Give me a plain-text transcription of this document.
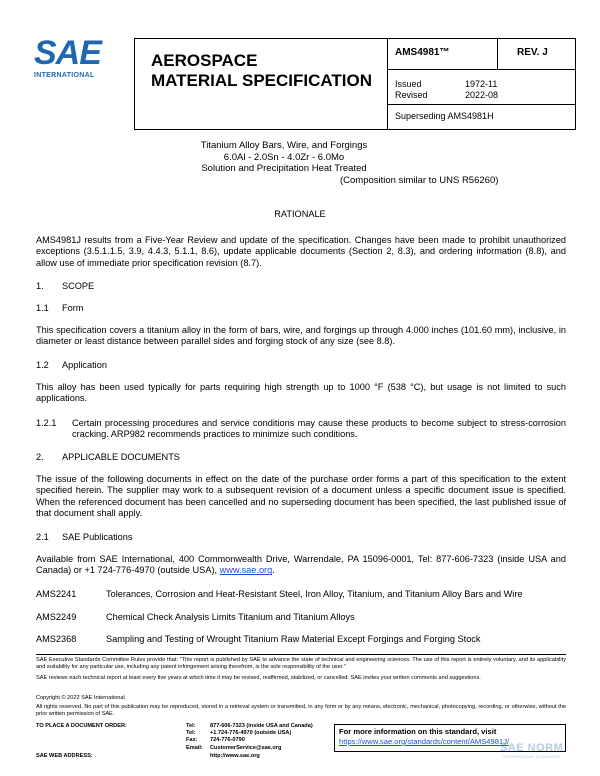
SAE
INTERNATIONAL
AEROSPACE
MATERIAL SPECIFICATION
AMS4981™	REV. J
Issued	1972-11
Revised	2022-08
Superseding AMS4981H
Titanium Alloy Bars, Wire, and Forgings
6.0Al - 2.0Sn - 4.0Zr - 6.0Mo
Solution and Precipitation Heat Treated
(Composition similar to UNS R56260)
RATIONALE
AMS4981J results from a Five-Year Review and update of the specification. Changes have been made to prohibit unauthorized exceptions (3.5.1.1.5, 3.9, 4.4.3, 5.1.1, 8.6), update applicable documents (Section 2, 8.3), and ordering information (8.8), and allow use of immediate prior specification revision (8.7).
1. SCOPE
1.1 Form
This specification covers a titanium alloy in the form of bars, wire, and forgings up through 4.000 inches (101.60 mm), inclusive, in diameter or least distance between parallel sides and forging stock of any size (see 8.8).
1.2 Application
This alloy has been used typically for parts requiring high strength up to 1000 °F (538 °C), but usage is not limited to such applications.
1.2.1 Certain processing procedures and service conditions may cause these products to become subject to stress-corrosion cracking. ARP982 recommends practices to minimize such conditions.
2. APPLICABLE DOCUMENTS
The issue of the following documents in effect on the date of the purchase order forms a part of this specification to the extent specified herein. The supplier may work to a subsequent revision of a document unless a specific document issue is specified. When the referenced document has been cancelled and no superseding document has been specified, the last published issue of that document shall apply.
2.1 SAE Publications
Available from SAE International, 400 Commonwealth Drive, Warrendale, PA 15096-0001, Tel: 877-606-7323 (inside USA and Canada) or +1 724-776-4970 (outside USA), www.sae.org.
AMS2241	Tolerances, Corrosion and Heat-Resistant Steel, Iron Alloy, Titanium, and Titanium Alloy Bars and Wire
AMS2249	Chemical Check Analysis Limits Titanium and Titanium Alloys
AMS2368	Sampling and Testing of Wrought Titanium Raw Material Except Forgings and Forging Stock
SAE Executive Standards Committee Rules provide that: "This report is published by SAE to advance the state of technical and engineering sciences. The use of this report is entirely voluntary, and its applicability and suitability for any particular use, including any patent infringement arising therefrom, is the sole responsibility of the user."
SAE reviews each technical report at least every five years at which time it may be revised, reaffirmed, stabilized, or cancelled. SAE invites your written comments and suggestions.
Copyright © 2022 SAE International
All rights reserved. No part of this publication may be reproduced, stored in a retrieval system or transmitted, in any form or by any means, electronic, mechanical, photocopying, recording, or otherwise, without the prior written permission of SAE.
TO PLACE A DOCUMENT ORDER:	Tel:	877-606-7323 (inside USA and Canada)
Tel:	+1 724-776-4970 (outside USA)
Fax:	724-776-0790
Email:	CustomerService@sae.org
SAE WEB ADDRESS:	http://www.sae.org
For more information on this standard, visit
https://www.sae.org/standards/content/AMS4981J/
SAE NORM
INTERNATIONAL STANDARDS
